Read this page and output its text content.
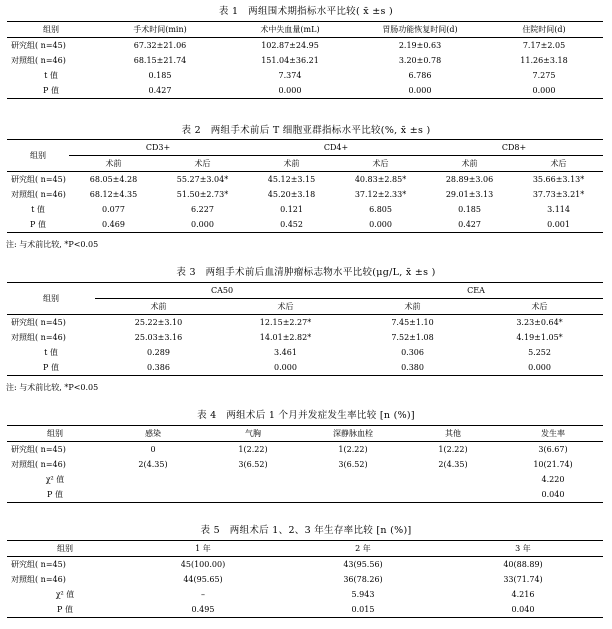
表 1　两组围术期指标水平比较( x̄ ±s )
组别	手术时间(min)	术中失血量(mL)	胃肠功能恢复时间(d)	住院时间(d)
研究组( n=45)	67.32±21.06	102.87±24.95	2.19±0.63	7.17±2.05
对照组( n=46)	68.15±21.74	151.04±36.21	3.20±0.78	11.26±3.18
t 值	0.185	7.374	6.786	7.275
P 值	0.427	0.000	0.000	0.000
表 2　两组手术前后 T 细胞亚群指标水平比较(%, x̄ ±s )
组别	CD3+		CD4+		CD8+	
	术前	术后	术前	术后	术前	术后
研究组( n=45)	68.05±4.28	55.27±3.04*	45.12±3.15	40.83±2.85*	28.89±3.06	35.66±3.13*
对照组( n=46)	68.12±4.35	51.50±2.73*	45.20±3.18	37.12±2.33*	29.01±3.13	37.73±3.21*
t 值	0.077	6.227	0.121	6.805	0.185	3.114
P 值	0.469	0.000	0.452	0.000	0.427	0.001
注: 与术前比较, *P<0.05
表 3　两组手术前后血清肿瘤标志物水平比较(μg/L, x̄ ±s )
组别	CA50		CEA	
	术前	术后	术前	术后
研究组( n=45)	25.22±3.10	12.15±2.27*	7.45±1.10	3.23±0.64*
对照组( n=46)	25.03±3.16	14.01±2.82*	7.52±1.08	4.19±1.05*
t 值	0.289	3.461	0.306	5.252
P 值	0.386	0.000	0.380	0.000
注: 与术前比较, *P<0.05
表 4　两组术后 1 个月并发症发生率比较 [n (%)]
组别	感染	气胸	深静脉血栓	其他	发生率
研究组( n=45)	0	1(2.22)	1(2.22)	1(2.22)	3(6.67)
对照组( n=46)	2(4.35)	3(6.52)	3(6.52)	2(4.35)	10(21.74)
χ² 值					4.220
P 值					0.040
表 5　两组术后 1、2、3 年生存率比较 [n (%)]
组别	1 年	2 年	3 年
研究组( n=45)	45(100.00)	43(95.56)	40(88.89)
对照组( n=46)	44(95.65)	36(78.26)	33(71.74)
χ² 值	–	5.943	4.216
P 值	0.495	0.015	0.040
